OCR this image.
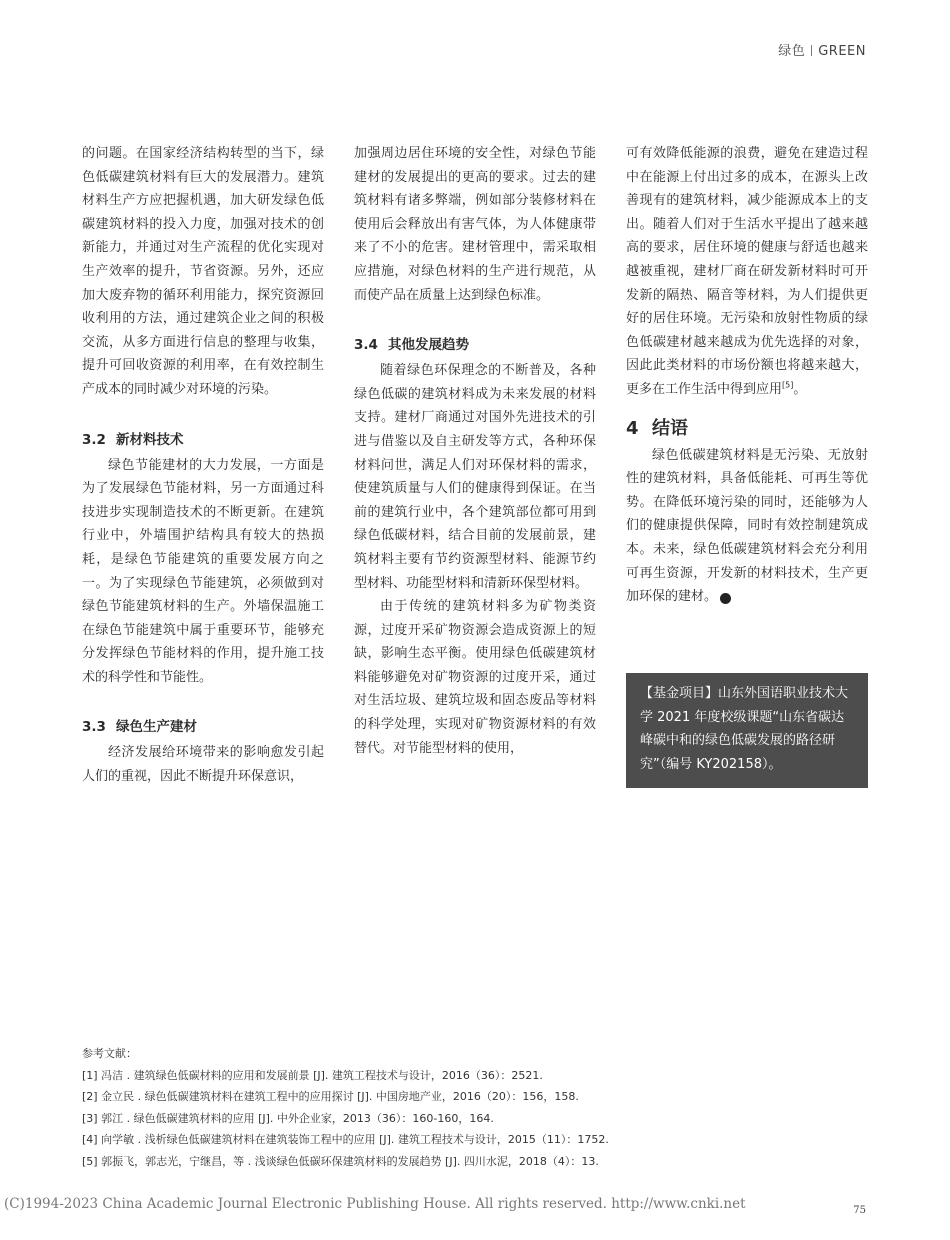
绿色 GREEN

的问题。在国家经济结构转型的当下，绿色低碳建筑材料有巨大的发展潜力。建筑材料生产方应把握机遇，加大研发绿色低碳建筑材料的投入力度，加强对技术的创新能力，并通过对生产流程的优化实现对生产效率的提升，节省资源。另外，还应加大废弃物的循环利用能力，探究资源回收利用的方法，通过建筑企业之间的积极交流，从多方面进行信息的整理与收集，提升可回收资源的利用率，在有效控制生产成本的同时减少对环境的污染。

3.2 新材料技术

绿色节能建材的大力发展，一方面是为了发展绿色节能材料，另一方面通过科技进步实现制造技术的不断更新。在建筑行业中，外墙围护结构具有较大的热损耗，是绿色节能建筑的重要发展方向之一。为了实现绿色节能建筑，必须做到对绿色节能建筑材料的生产。外墙保温施工在绿色节能建筑中属于重要环节，能够充分发挥绿色节能材料的作用，提升施工技术的科学性和节能性。

3.3 绿色生产建材

经济发展给环境带来的影响愈发引起人们的重视，因此不断提升环保意识，

加强周边居住环境的安全性，对绿色节能建材的发展提出的更高的要求。过去的建筑材料有诸多弊端，例如部分装修材料在使用后会释放出有害气体，为人体健康带来了不小的危害。建材管理中，需采取相应措施，对绿色材料的生产进行规范，从而使产品在质量上达到绿色标准。

3.4 其他发展趋势

随着绿色环保理念的不断普及，各种绿色低碳的建筑材料成为未来发展的材料支持。建材厂商通过对国外先进技术的引进与借鉴以及自主研发等方式，各种环保材料问世，满足人们对环保材料的需求，使建筑质量与人们的健康得到保证。在当前的建筑行业中，各个建筑部位都可用到绿色低碳材料，结合目前的发展前景，建筑材料主要有节约资源型材料、能源节约型材料、功能型材料和清新环保型材料。

由于传统的建筑材料多为矿物类资源，过度开采矿物资源会造成资源上的短缺，影响生态平衡。使用绿色低碳建筑材料能够避免对矿物资源的过度开采，通过对生活垃圾、建筑垃圾和固态废品等材料的科学处理，实现对矿物资源材料的有效替代。对节能型材料的使用，

可有效降低能源的浪费，避免在建造过程中在能源上付出过多的成本，在源头上改善现有的建筑材料，减少能源成本上的支出。随着人们对于生活水平提出了越来越高的要求，居住环境的健康与舒适也越来越被重视，建材厂商在研发新材料时可开发新的隔热、隔音等材料，为人们提供更好的居住环境。无污染和放射性物质的绿色低碳建材越来越成为优先选择的对象，因此此类材料的市场份额也将越来越大，更多在工作生活中得到应用[5]。

4 结语

绿色低碳建筑材料是无污染、无放射性的建筑材料，具备低能耗、可再生等优势。在降低环境污染的同时，还能够为人们的健康提供保障，同时有效控制建筑成本。未来，绿色低碳建筑材料会充分利用可再生资源，开发新的材料技术，生产更加环保的建材。	※

【基金项目】山东外国语职业技术大学 2021 年度校级课题“山东省碳达峰碳中和的绿色低碳发展的路径研究”（编号 KY202158）。
参考文献：
[1] 冯洁 . 建筑绿色低碳材料的应用和发展前景 [J]. 建筑工程技术与设计，2016（36）：2521.
[2] 金立民 . 绿色低碳建筑材料在建筑工程中的应用探讨 [J]. 中国房地产业，2016（20）：156，158.
[3] 郭江 . 绿色低碳建筑材料的应用 [J]. 中外企业家，2013（36）：160-160，164.
[4] 向学敏 . 浅析绿色低碳建筑材料在建筑装饰工程中的应用 [J]. 建筑工程技术与设计，2015（11）：1752.
[5] 郭振飞，郭志光，宁继昌，等 . 浅谈绿色低碳环保建筑材料的发展趋势 [J]. 四川水泥，2018（4）：13.
(C)1994-2023 China Academic Journal Electronic Publishing House. All rights reserved. http://www.cnki.net	75
